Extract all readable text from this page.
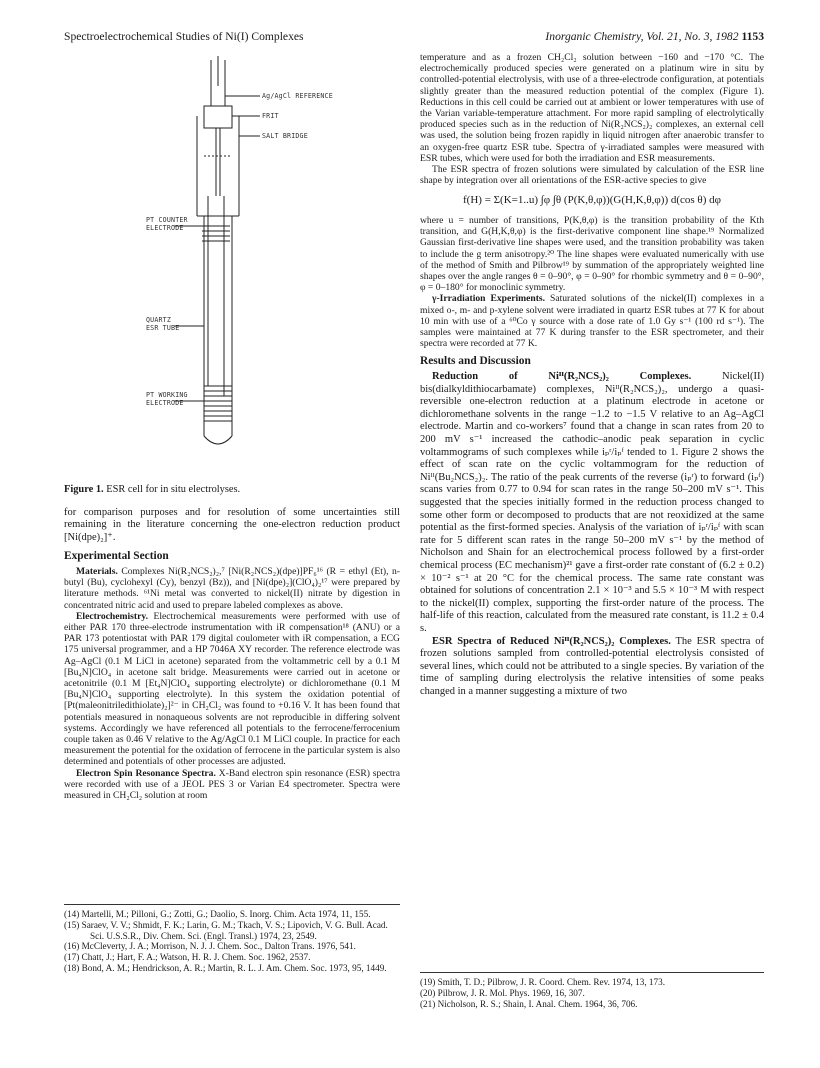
Spectroelectrochemical Studies of Ni(I) Complexes	Inorganic Chemistry, Vol. 21, No. 3, 1982 1153
Ag/AgCl REFERENCE
FRIT
SALT BRIDGE
PT COUNTER
ELECTRODE
QUARTZ
ESR TUBE
PT WORKING
ELECTRODE

Figure 1. ESR cell for in situ electrolyses.

for comparison purposes and for resolution of some uncertainties still remaining in the literature concerning the one-electron reduction product [Ni(dpe)₂]⁺.

Experimental Section

Materials. Complexes Ni(R₂NCS₂)₂,⁷ [Ni(R₂NCS₂)(dpe)]PF₆¹⁶ (R = ethyl (Et), n-butyl (Bu), cyclohexyl (Cy), benzyl (Bz)), and [Ni(dpe)₂](ClO₄)₂¹⁷ were prepared by literature methods. ⁶¹Ni metal was converted to nickel(II) nitrate by digestion in concentrated nitric acid and used to prepare labeled complexes as above.

Electrochemistry. Electrochemical measurements were performed with use of either PAR 170 three-electrode instrumentation with iR compensation¹⁸ (ANU) or a PAR 173 potentiostat with PAR 179 digital coulometer with iR compensation, a ECG 175 universal programmer, and a HP 7046A XY recorder. The reference electrode was Ag–AgCl (0.1 M LiCl in acetone) separated from the voltammetric cell by a 0.1 M [Bu₄N]ClO₄ in acetone salt bridge. Measurements were carried out in acetone or acetonitrile (0.1 M [Et₄N]ClO₄ supporting electrolyte) or dichloromethane (0.1 M [Bu₄N]ClO₄ supporting electrolyte). In this system the oxidation potential of [Pt(maleonitriledithiolate)₂]²⁻ in CH₂Cl₂ was found to +0.16 V. It has been found that potentials measured in nonaqueous solvents are not reproducible in differing solvent systems. Accordingly we have referenced all potentials to the ferrocene/ferrocenium couple taken as 0.46 V relative to the Ag/AgCl 0.1 M LiCl couple. In practice for each measurement the potential for the oxidation of ferrocene in the particular system is also determined and potentials of other processes are adjusted.

Electron Spin Resonance Spectra. X-Band electron spin resonance (ESR) spectra were recorded with use of a JEOL PES 3 or Varian E4 spectrometer. Spectra were measured in CH₂Cl₂ solution at room

(14) Martelli, M.; Pilloni, G.; Zotti, G.; Daolio, S. Inorg. Chim. Acta 1974, 11, 155.
(15) Saraev, V. V.; Shmidt, F. K.; Larin, G. M.; Tkach, V. S.; Lipovich, V. G. Bull. Acad. Sci. U.S.S.R., Div. Chem. Sci. (Engl. Transl.) 1974, 23, 2549.
(16) McCleverty, J. A.; Morrison, N. J. J. Chem. Soc., Dalton Trans. 1976, 541.
(17) Chatt, J.; Hart, F. A.; Watson, H. R. J. Chem. Soc. 1962, 2537.
(18) Bond, A. M.; Hendrickson, A. R.; Martin, R. L. J. Am. Chem. Soc. 1973, 95, 1449.

temperature and as a frozen CH₂Cl₂ solution between −160 and −170 °C. The electrochemically produced species were generated on a platinum wire in situ by controlled-potential electrolysis, with use of a three-electrode configuration, at potentials slightly greater than the measured reduction potential of the complex (Figure 1). Reductions in this cell could be carried out at ambient or lower temperatures with use of the Varian variable-temperature attachment. For more rapid sampling of electrolytically produced species such as in the reduction of Ni(R₂NCS₂)₂ complexes, an external cell was used, the solution being frozen rapidly in liquid nitrogen after anaerobic transfer to an oxygen-free quartz ESR tube. Spectra of γ-irradiated samples were measured with ESR tubes, which were used for both the irradiation and ESR measurements.

The ESR spectra of frozen solutions were simulated by calculation of the ESR line shape by integration over all orientations of the ESR-active species to give

f(H) = Σ(K=1..u) ∫φ ∫θ (P(K,θ,φ))(G(H,K,θ,φ)) d(cos θ) dφ

where u = number of transitions, P(K,θ,φ) is the transition probability of the Kth transition, and G(H,K,θ,φ) is the first-derivative component line shape.¹⁹ Normalized Gaussian first-derivative line shapes were used, and the transition probability was taken to include the g term anisotropy.²⁰ The line shapes were evaluated numerically with use of the method of Smith and Pilbrow¹⁹ by summation of the appropriately weighted line shapes over the angle ranges θ = 0–90°, φ = 0–90° for rhombic symmetry and θ = 0–90°, φ = 0–180° for monoclinic symmetry.

γ-Irradiation Experiments. Saturated solutions of the nickel(II) complexes in a mixed o-, m- and p-xylene solvent were irradiated in quartz ESR tubes at 77 K for about 10 min with use of a ⁶⁰Co γ source with a dose rate of 1.0 Gy s⁻¹ (100 rd s⁻¹). The samples were maintained at 77 K during transfer to the ESR spectrometer, and their spectra were recorded at 77 K.

Results and Discussion

Reduction of Niᴵᴵ(R₂NCS₂)₂ Complexes.	Nickel(II) bis(dialkyldithiocarbamate) complexes, Niᴵᴵ(R₂NCS₂)₂, undergo a quasi-reversible one-electron reduction at a platinum electrode in acetone or dichloromethane solvents in the range −1.2 to −1.5 V relative to an Ag–AgCl electrode. Martin and co-workers⁷ found that a change in scan rates from 20 to 200 mV s⁻¹ increased the cathodic–anodic peak separation in cyclic voltammograms of such complexes while iₚʳ/iₚᶠ tended to 1. Figure 2 shows the effect of scan rate on the cyclic voltammogram for the reduction of Niᴵᴵ(Bu₂NCS₂)₂. The ratio of the peak currents of the reverse (iₚʳ) to forward (iₚᶠ) scans varies from 0.77 to 0.94 for scan rates in the range 50–200 mV s⁻¹. This suggested that the species initially formed in the reduction process changed to some other form or decomposed to products that are not reoxidized at the same potential as the first-formed species. Analysis of the variation of iₚʳ/iₚᶠ with scan rate for 5 different scan rates in the range 50–200 mV s⁻¹ by the method of Nicholson and Shain for an electrochemical process followed by a first-order chemical process (EC mechanism)²¹ gave a first-order rate constant of (6.2 ± 0.2) × 10⁻² s⁻¹ at 20 °C for the chemical process. The same rate constant was obtained for solutions of concentration 2.1 × 10⁻³ and 5.5 × 10⁻³ M with respect to the nickel(II) complex, supporting the first-order nature of the process. The half-life of this reaction, calculated from the measured rate constant, is 11.2 ± 0.4 s.

ESR Spectra of Reduced Niᴵᴵ(R₂NCS₂)₂ Complexes. The ESR spectra of frozen solutions sampled from controlled-potential electrolysis consisted of several lines, which could not be attributed to a single species. By variation of the time of sampling during electrolysis the relative intensities of some peaks changed in a manner suggesting a mixture of two

(19) Smith, T. D.; Pilbrow, J. R. Coord. Chem. Rev. 1974, 13, 173.
(20) Pilbrow, J. R. Mol. Phys. 1969, 16, 307.
(21) Nicholson, R. S.; Shain, I. Anal. Chem. 1964, 36, 706.
